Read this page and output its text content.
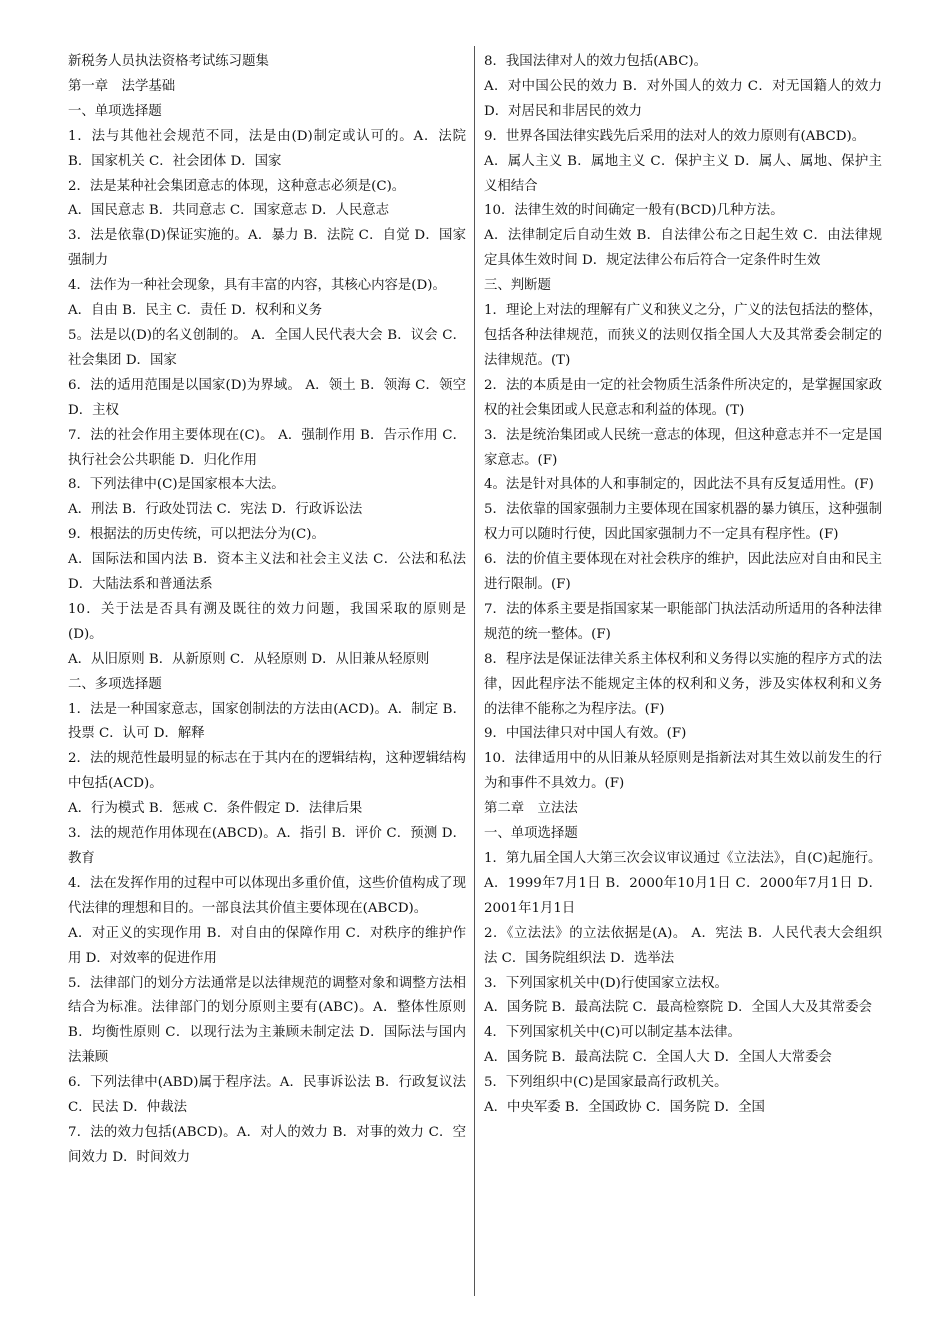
新税务人员执法资格考试练习题集

第一章　法学基础

一、单项选择题

1．法与其他社会规范不同，法是由(D)制定或认可的。A．法院 B．国家机关 C．社会团体 D．国家

2．法是某种社会集团意志的体现，这种意志必须是(C)。

A．国民意志 B．共同意志 C．国家意志 D．人民意志

3．法是依靠(D)保证实施的。A．暴力 B．法院 C．自觉 D．国家强制力

4．法作为一种社会现象，具有丰富的内容，其核心内容是(D)。

A．自由 B．民主 C．责任 D．权利和义务

5。法是以(D)的名义创制的。 A．全国人民代表大会 B．议会 C．社会集团 D．国家

6．法的适用范围是以国家(D)为界域。 A．领土 B．领海 C．领空 D．主权

7．法的社会作用主要体现在(C)。 A．强制作用 B．告示作用 C．执行社会公共职能 D．归化作用

8．下列法律中(C)是国家根本大法。

A．刑法 B．行政处罚法 C．宪法 D．行政诉讼法

9．根据法的历史传统，可以把法分为(C)。

A．国际法和国内法 B．资本主义法和社会主义法 C．公法和私法 D．大陆法系和普通法系

10．关于法是否具有溯及既往的效力问题，我国采取的原则是(D)。

A．从旧原则 B．从新原则 C．从轻原则 D．从旧兼从轻原则

二、多项选择题

1．法是一种国家意志，国家创制法的方法由(ACD)。A．制定 B．投票 C．认可 D．解释

2．法的规范性最明显的标志在于其内在的逻辑结构，这种逻辑结构中包括(ACD)。

A．行为模式 B．惩戒 C．条件假定 D．法律后果

3．法的规范作用体现在(ABCD)。A．指引 B．评价 C．预测 D．教育

4．法在发挥作用的过程中可以体现出多重价值，这些价值构成了现代法律的理想和目的。一部良法其价值主要体现在(ABCD)。

A．对正义的实现作用 B．对自由的保障作用 C．对秩序的维护作用 D．对效率的促进作用

5．法律部门的划分方法通常是以法律规范的调整对象和调整方法相结合为标准。法律部门的划分原则主要有(ABC)。A．整体性原则 B．均衡性原则 C．以现行法为主兼顾未制定法 D．国际法与国内法兼顾

6．下列法律中(ABD)属于程序法。A．民事诉讼法 B．行政复议法 C．民法 D．仲裁法

7．法的效力包括(ABCD)。A．对人的效力 B．对事的效力 C．空间效力 D．时间效力

8．我国法律对人的效力包括(ABC)。

A．对中国公民的效力 B．对外国人的效力 C．对无国籍人的效力 D．对居民和非居民的效力

9．世界各国法律实践先后采用的法对人的效力原则有(ABCD)。

A．属人主义 B．属地主义 C．保护主义 D．属人、属地、保护主义相结合

10．法律生效的时间确定一般有(BCD)几种方法。

A．法律制定后自动生效 B．自法律公布之日起生效 C．由法律规定具体生效时间 D．规定法律公布后符合一定条件时生效

三、判断题

1．理论上对法的理解有广义和狭义之分，广义的法包括法的整体，包括各种法律规范，而狭义的法则仅指全国人大及其常委会制定的法律规范。(T)

2．法的本质是由一定的社会物质生活条件所决定的，是掌握国家政权的社会集团或人民意志和利益的体现。(T)

3．法是统治集团或人民统一意志的体现，但这种意志并不一定是国家意志。(F)

4。法是针对具体的人和事制定的，因此法不具有反复适用性。(F)

5．法依靠的国家强制力主要体现在国家机器的暴力镇压，这种强制权力可以随时行使，因此国家强制力不一定具有程序性。(F)

6．法的价值主要体现在对社会秩序的维护，因此法应对自由和民主进行限制。(F)

7．法的体系主要是指国家某一职能部门执法活动所适用的各种法律规范的统一整体。(F)

8．程序法是保证法律关系主体权利和义务得以实施的程序方式的法律，因此程序法不能规定主体的权利和义务，涉及实体权利和义务的法律不能称之为程序法。(F)

9．中国法律只对中国人有效。(F)

10．法律适用中的从旧兼从轻原则是指新法对其生效以前发生的行为和事件不具效力。(F)

第二章　立法法

一、单项选择题

1．第九届全国人大第三次会议审议通过《立法法》，自(C)起施行。

A．1999年7月1日 B．2000年10月1日 C．2000年7月1日 D．2001年1月1日

2．《立法法》的立法依据是(A)。 A．宪法 B．人民代表大会组织法 C．国务院组织法 D．选举法

3．下列国家机关中(D)行使国家立法权。

A．国务院 B．最高法院 C．最高检察院 D．全国人大及其常委会

4．下列国家机关中(C)可以制定基本法律。

A．国务院 B．最高法院 C．全国人大 D．全国人大常委会

5．下列组织中(C)是国家最高行政机关。

A．中央军委 B．全国政协 C．国务院 D．全国
